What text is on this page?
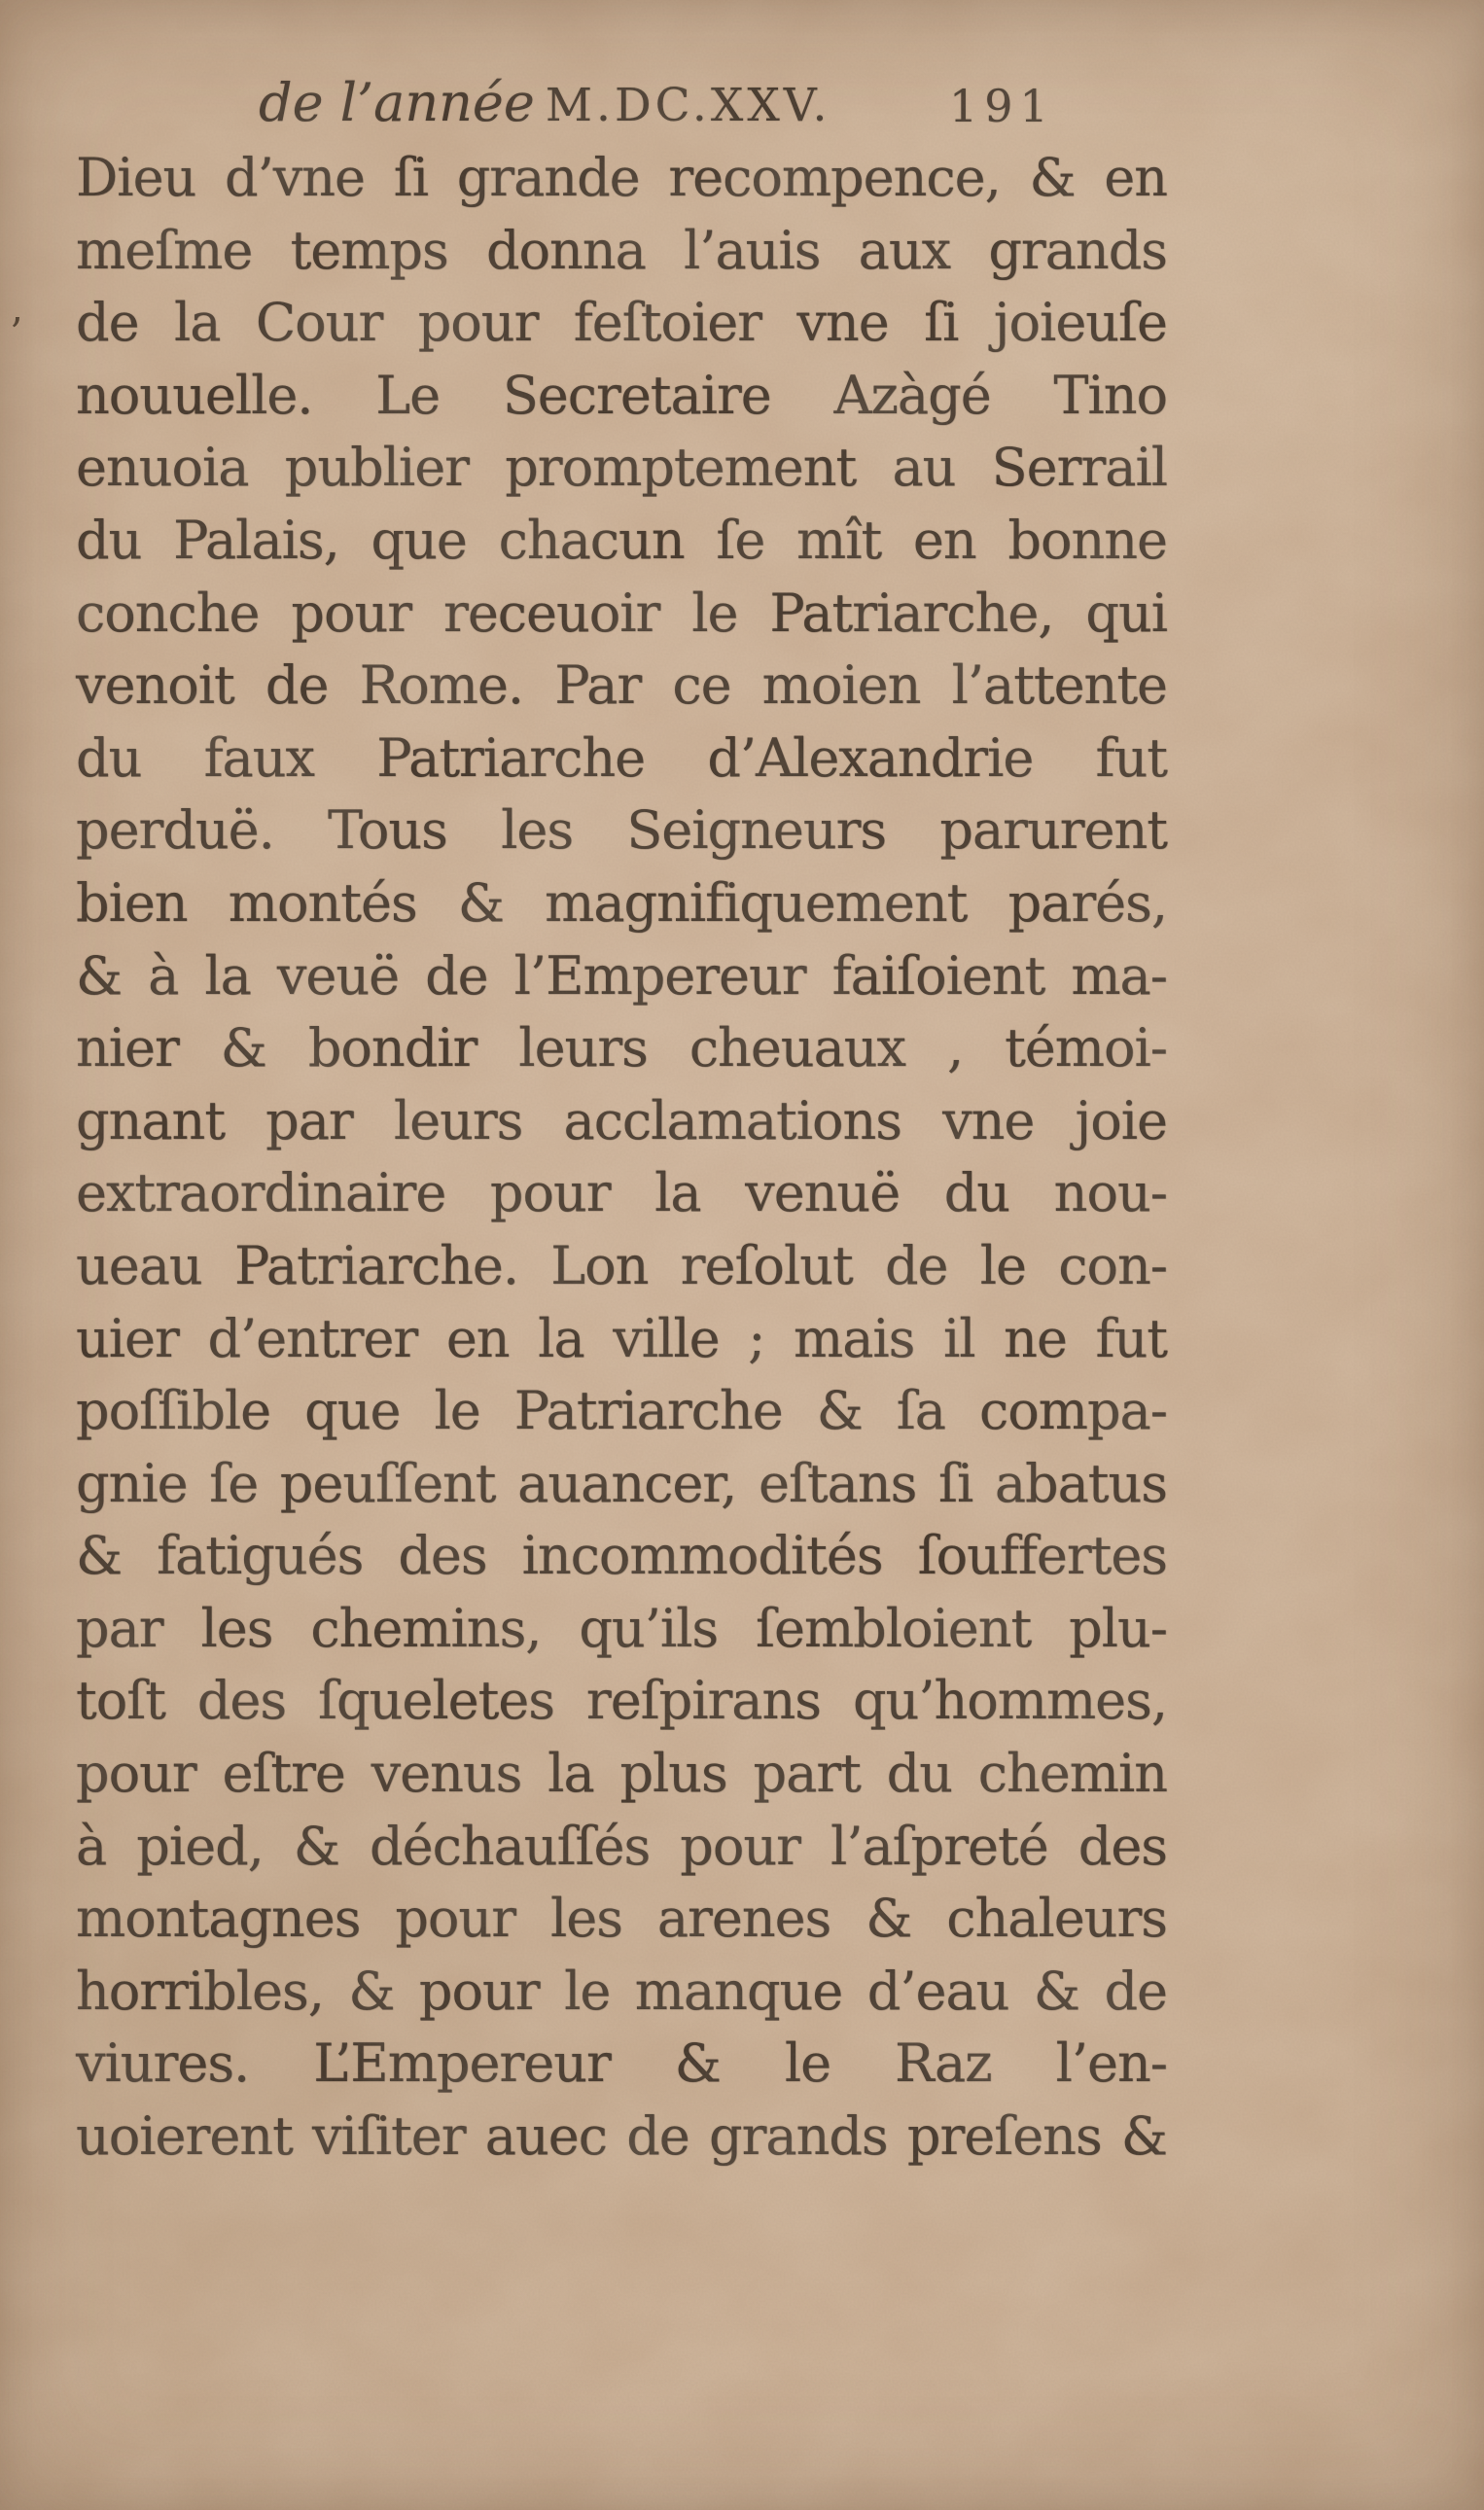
de l’année M.DC.XXV.	191
’
Dieu d’vne ſi grande recompence, & en
meſme temps donna l’auis aux grands
de la Cour pour feſtoier vne ſi joieuſe
nouuelle. Le Secretaire Azàgé Tino
enuoia publier promptement au Serrail
du Palais, que chacun ſe mît en bonne
conche pour receuoir le Patriarche, qui
venoit de Rome. Par ce moien l’attente
du faux Patriarche d’Alexandrie fut
perduë. Tous les Seigneurs parurent
bien montés & magnifiquement parés,
& à la veuë de l’Empereur faiſoient ma-
nier & bondir leurs cheuaux , témoi-
gnant par leurs acclamations vne joie
extraordinaire pour la venuë du nou-
ueau Patriarche. Lon reſolut de le con-
uier d’entrer en la ville ; mais il ne fut
poſſible que le Patriarche & ſa compa-
gnie ſe peuſſent auancer, eſtans ſi abatus
& fatigués des incommodités ſouffertes
par les chemins, qu’ils ſembloient plu-
toſt des ſqueletes reſpirans qu’hommes,
pour eſtre venus la plus part du chemin
à pied, & déchauſſés pour l’aſpreté des
montagnes pour les arenes & chaleurs
horribles, & pour le manque d’eau & de
viures. L’Empereur & le Raz l’en-
uoierent viſiter auec de grands preſens &
